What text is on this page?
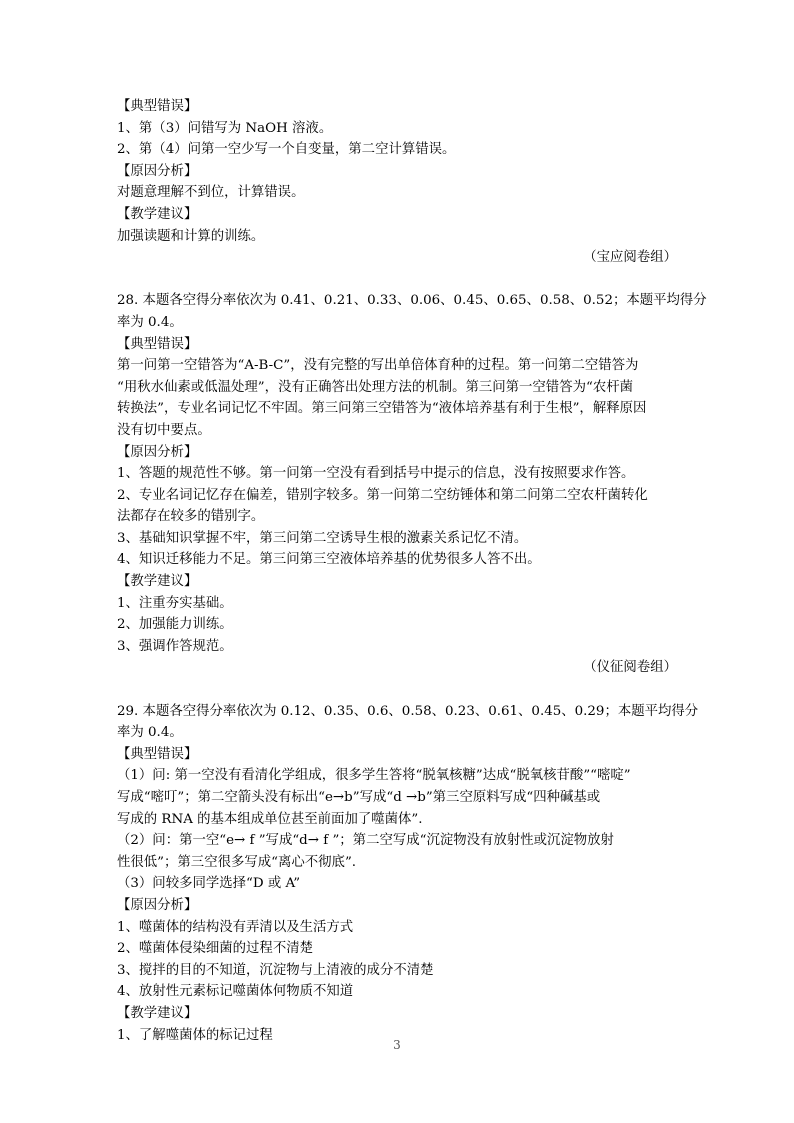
【典型错误】
1、第（3）问错写为 NaOH 溶液。
2、第（4）问第一空少写一个自变量，第二空计算错误。
【原因分析】
对题意理解不到位，计算错误。
【教学建议】
加强读题和计算的训练。
（宝应阅卷组）
28. 本题各空得分率依次为 0.41、0.21、0.33、0.06、0.45、0.65、0.58、0.52；本题平均得分
率为 0.4。
【典型错误】
第一问第一空错答为“A-B-C”，没有完整的写出单倍体育种的过程。第一问第二空错答为
“用秋水仙素或低温处理”，没有正确答出处理方法的机制。第三问第一空错答为“农杆菌
转换法”，专业名词记忆不牢固。第三问第三空错答为“液体培养基有利于生根”，解释原因
没有切中要点。
【原因分析】
1、答题的规范性不够。第一问第一空没有看到括号中提示的信息，没有按照要求作答。
2、专业名词记忆存在偏差，错别字较多。第一问第二空纺锤体和第二问第二空农杆菌转化
法都存在较多的错别字。
3、基础知识掌握不牢，第三问第二空诱导生根的激素关系记忆不清。
4、知识迁移能力不足。第三问第三空液体培养基的优势很多人答不出。
【教学建议】
1、注重夯实基础。
2、加强能力训练。
3、强调作答规范。
（仪征阅卷组）
29. 本题各空得分率依次为 0.12、0.35、0.6、0.58、0.23、0.61、0.45、0.29；本题平均得分
率为 0.4。
【典型错误】
（1）问: 第一空没有看清化学组成，很多学生答将“脱氧核糖”达成“脱氧核苷酸”“嘧啶”
写成“嘧叮”；第二空箭头没有标出“e→b”写成“d →b”第三空原料写成“四种碱基或
写成的 RNA 的基本组成单位甚至前面加了噬菌体”.
（2）问：第一空“e→ f ”写成“d→ f ”；第二空写成“沉淀物没有放射性或沉淀物放射
性很低”；第三空很多写成“离心不彻底”.
（3）问较多同学选择“D 或 A”
【原因分析】
1、噬菌体的结构没有弄清以及生活方式
2、噬菌体侵染细菌的过程不清楚
3、搅拌的目的不知道，沉淀物与上清液的成分不清楚
4、放射性元素标记噬菌体何物质不知道
【教学建议】
1、了解噬菌体的标记过程
3
